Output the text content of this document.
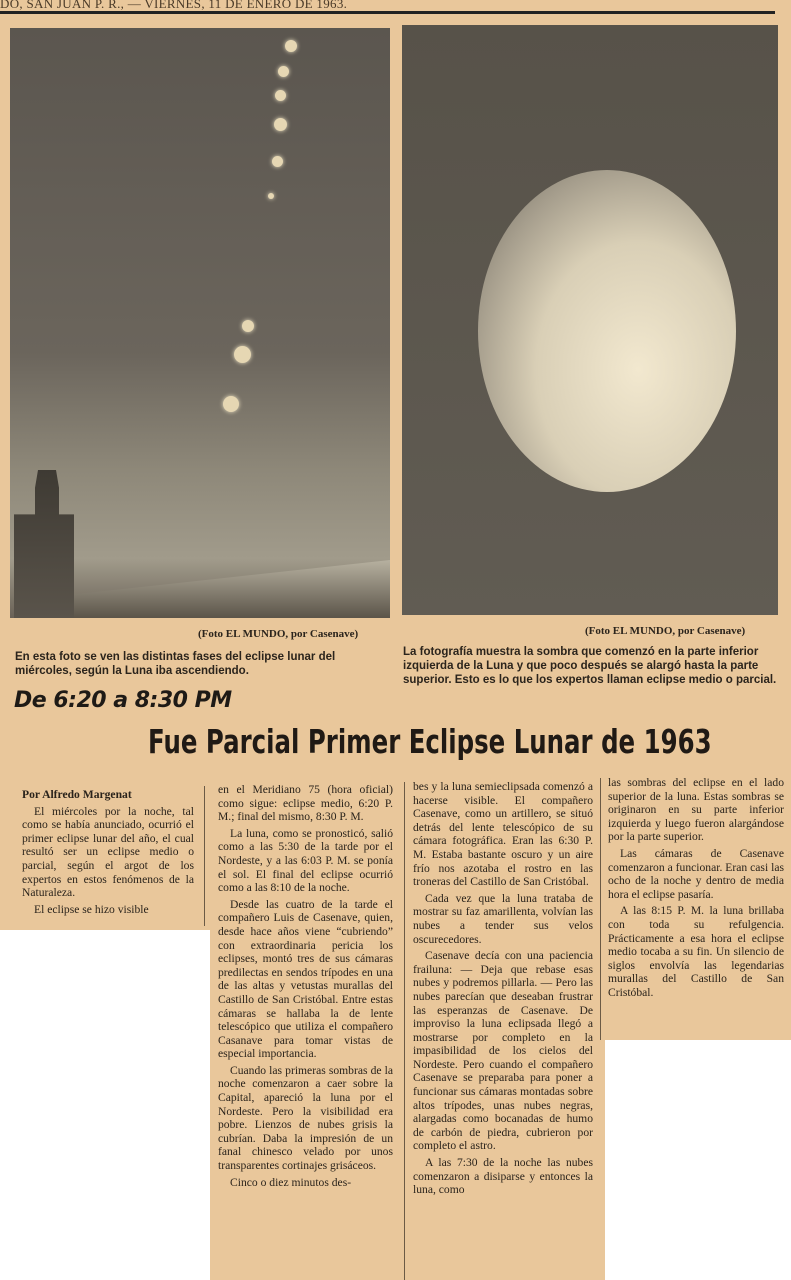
DO, SAN JUAN P. R., — VIERNES, 11 DE ENERO DE 1963.
(Foto EL MUNDO, por Casenave)	(Foto EL MUNDO, por Casenave)
En esta foto se ven las distintas fases del eclipse lunar del miércoles, según la Luna iba ascendiendo.
La fotografía muestra la sombra que comenzó en la parte inferior izquierda de la Luna y que poco después se alargó hasta la parte superior. Esto es lo que los expertos llaman eclipse medio o parcial.
De 6:20 a 8:30 PM
Fue Parcial Primer Eclipse Lunar de 1963

Por Alfredo Margenat

El miércoles por la noche, tal como se había anunciado, ocurrió el primer eclipse lunar del año, el cual resultó ser un eclipse medio o parcial, según el argot de los expertos en estos fenómenos de la Naturaleza.

El eclipse se hizo visible

en el Meridiano 75 (hora oficial) como sigue: eclipse medio, 6:20 P. M.; final del mismo, 8:30 P. M.

La luna, como se pronosticó, salió como a las 5:30 de la tarde por el Nordeste, y a las 6:03 P. M. se ponía el sol. El final del eclipse ocurrió como a las 8:10 de la noche.

Desde las cuatro de la tarde el compañero Luis de Casenave, quien, desde hace años viene “cubriendo” con extraordinaria pericia los eclipses, montó tres de sus cámaras predilectas en sendos trípodes en una de las altas y vetustas murallas del Castillo de San Cristóbal. Entre estas cámaras se hallaba la de lente telescópico que utiliza el compañero Casanave para tomar vistas de especial importancia.

Cuando las primeras sombras de la noche comenzaron a caer sobre la Capital, apareció la luna por el Nordeste. Pero la visibilidad era pobre. Lienzos de nubes grisis la cubrían. Daba la impresión de un fanal chinesco velado por unos transparentes cortinajes grisáceos.

Cinco o diez minutos des-

bes y la luna semieclipsada comenzó a hacerse visible. El compañero Casenave, como un artillero, se situó detrás del lente telescópico de su cámara fotográfica. Eran las 6:30 P. M. Estaba bastante oscuro y un aire frío nos azotaba el rostro en las troneras del Castillo de San Cristóbal.

Cada vez que la luna trataba de mostrar su faz amarillenta, volvían las nubes a tender sus velos oscurecedores.

Casenave decía con una paciencia frailuna: — Deja que rebase esas nubes y podremos pillarla. — Pero las nubes parecían que deseaban frustrar las esperanzas de Casenave. De improviso la luna eclipsada llegó a mostrarse por completo en la impasibilidad de los cielos del Nordeste. Pero cuando el compañero Casenave se preparaba para poner a funcionar sus cámaras montadas sobre altos trípodes, unas nubes negras, alargadas como bocanadas de humo de carbón de piedra, cubrieron por completo el astro.

A las 7:30 de la noche las nubes comenzaron a disiparse y entonces la luna, como

las sombras del eclipse en el lado superior de la luna. Estas sombras se originaron en su parte inferior izquierda y luego fueron alargándose por la parte superior.

Las cámaras de Casenave comenzaron a funcionar. Eran casi las ocho de la noche y dentro de media hora el eclipse pasaría.

A las 8:15 P. M. la luna brillaba con toda su refulgencia. Prácticamente a esa hora el eclipse medio tocaba a su fin. Un silencio de siglos envolvía las legendarias murallas del Castillo de San Cristóbal.
